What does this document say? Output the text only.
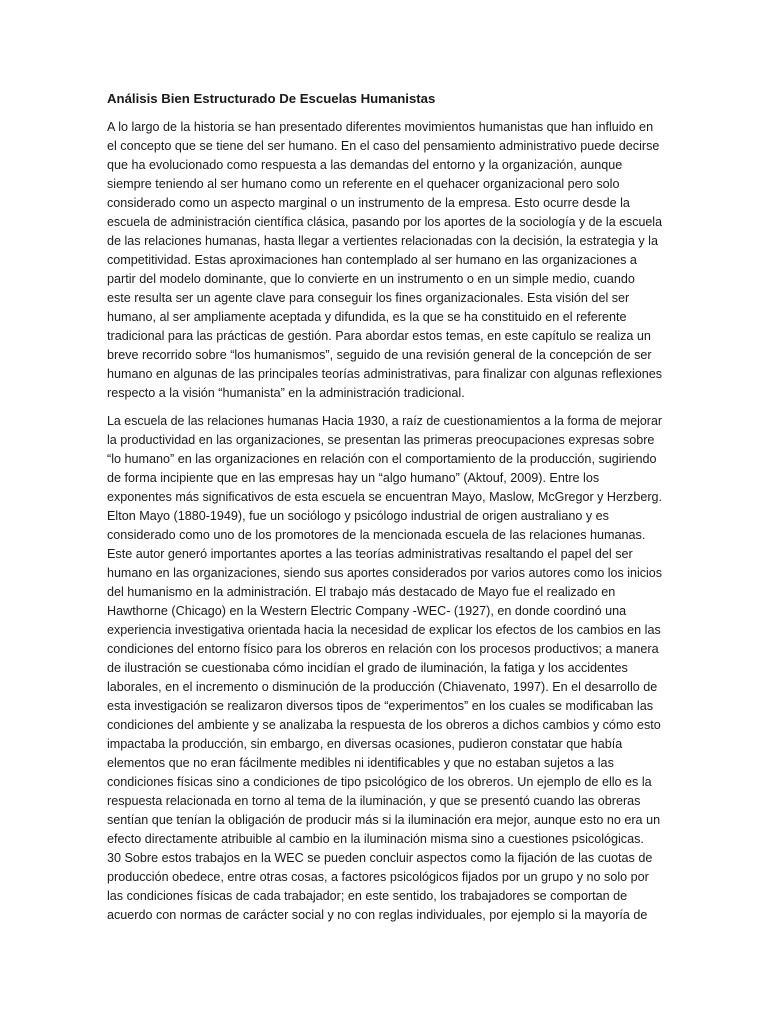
Análisis Bien Estructurado De Escuelas Humanistas
A lo largo de la historia se han presentado diferentes movimientos humanistas que han influido en
el concepto que se tiene del ser humano. En el caso del pensamiento administrativo puede decirse
que ha evolucionado como respuesta a las demandas del entorno y la organización, aunque
siempre teniendo al ser humano como un referente en el quehacer organizacional pero solo
considerado como un aspecto marginal o un instrumento de la empresa. Esto ocurre desde la
escuela de administración científica clásica, pasando por los aportes de la sociología y de la escuela
de las relaciones humanas, hasta llegar a vertientes relacionadas con la decisión, la estrategia y la
competitividad. Estas aproximaciones han contemplado al ser humano en las organizaciones a
partir del modelo dominante, que lo convierte en un instrumento o en un simple medio, cuando
este resulta ser un agente clave para conseguir los fines organizacionales. Esta visión del ser
humano, al ser ampliamente aceptada y difundida, es la que se ha constituido en el referente
tradicional para las prácticas de gestión. Para abordar estos temas, en este capítulo se realiza un
breve recorrido sobre “los humanismos”, seguido de una revisión general de la concepción de ser
humano en algunas de las principales teorías administrativas, para finalizar con algunas reflexiones
respecto a la visión “humanista” en la administración tradicional.
La escuela de las relaciones humanas Hacia 1930, a raíz de cuestionamientos a la forma de mejorar
la productividad en las organizaciones, se presentan las primeras preocupaciones expresas sobre
“lo humano” en las organizaciones en relación con el comportamiento de la producción, sugiriendo
de forma incipiente que en las empresas hay un “algo humano” (Aktouf, 2009). Entre los
exponentes más significativos de esta escuela se encuentran Mayo, Maslow, McGregor y Herzberg.
Elton Mayo (1880-1949), fue un sociólogo y psicólogo industrial de origen australiano y es
considerado como uno de los promotores de la mencionada escuela de las relaciones humanas.
Este autor generó importantes aportes a las teorías administrativas resaltando el papel del ser
humano en las organizaciones, siendo sus aportes considerados por varios autores como los inicios
del humanismo en la administración. El trabajo más destacado de Mayo fue el realizado en
Hawthorne (Chicago) en la Western Electric Company -WEC- (1927), en donde coordinó una
experiencia investigativa orientada hacia la necesidad de explicar los efectos de los cambios en las
condiciones del entorno físico para los obreros en relación con los procesos productivos; a manera
de ilustración se cuestionaba cómo incidían el grado de iluminación, la fatiga y los accidentes
laborales, en el incremento o disminución de la producción (Chiavenato, 1997). En el desarrollo de
esta investigación se realizaron diversos tipos de “experimentos” en los cuales se modificaban las
condiciones del ambiente y se analizaba la respuesta de los obreros a dichos cambios y cómo esto
impactaba la producción, sin embargo, en diversas ocasiones, pudieron constatar que había
elementos que no eran fácilmente medibles ni identificables y que no estaban sujetos a las
condiciones físicas sino a condiciones de tipo psicológico de los obreros. Un ejemplo de ello es la
respuesta relacionada en torno al tema de la iluminación, y que se presentó cuando las obreras
sentían que tenían la obligación de producir más si la iluminación era mejor, aunque esto no era un
efecto directamente atribuible al cambio en la iluminación misma sino a cuestiones psicológicas.
30 Sobre estos trabajos en la WEC se pueden concluir aspectos como la fijación de las cuotas de
producción obedece, entre otras cosas, a factores psicológicos fijados por un grupo y no solo por
las condiciones físicas de cada trabajador; en este sentido, los trabajadores se comportan de
acuerdo con normas de carácter social y no con reglas individuales, por ejemplo si la mayoría de
